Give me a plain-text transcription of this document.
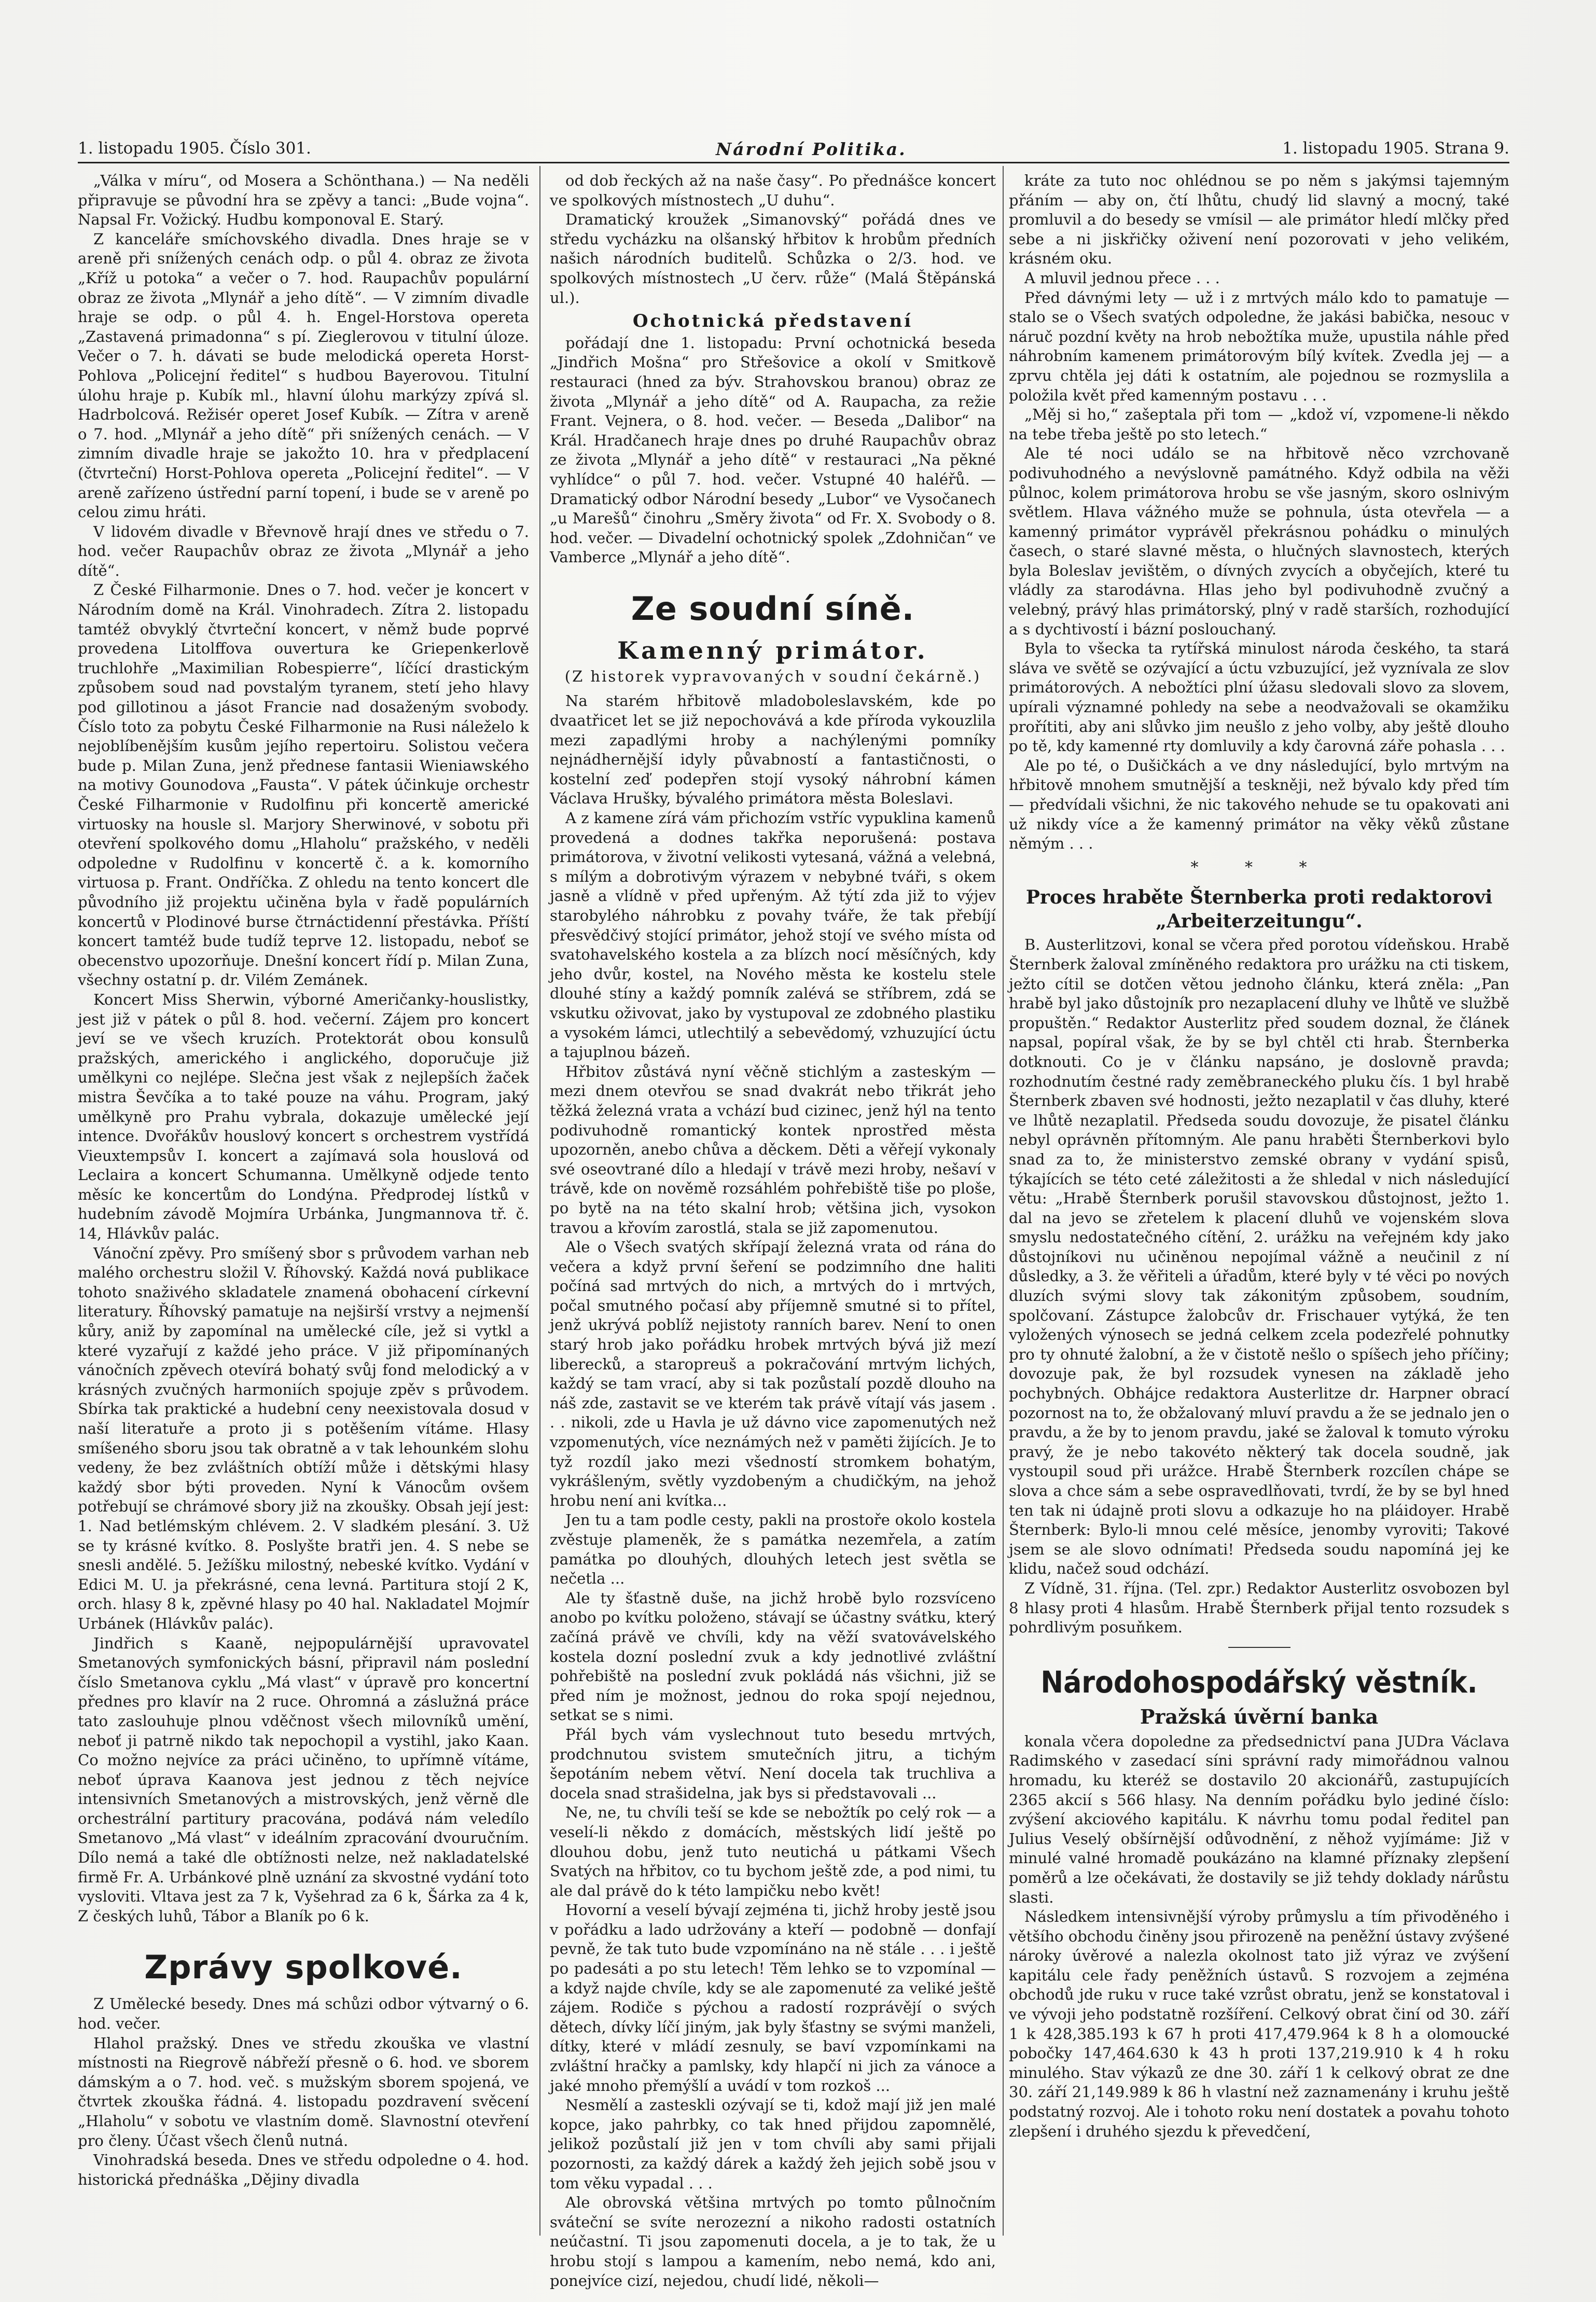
1. listopadu 1905. Číslo 301.	Národní Politika.	1. listopadu 1905. Strana 9.

„Válka v míru“, od Mosera a Schönthana.) — Na neděli připravuje se původní hra se zpěvy a tanci: „Bude vojna“. Napsal Fr. Vožický. Hudbu komponoval E. Starý.

Z kanceláře smíchovského divadla. Dnes hraje se v areně při snížených cenách odp. o půl 4. obraz ze života „Kříž u potoka“ a večer o 7. hod. Raupachův populární obraz ze života „Mlynář a jeho dítě“. — V zimním divadle hraje se odp. o půl 4. h. Engel-Horstova opereta „Zastavená primadonna“ s pí. Zieglerovou v titulní úloze. Večer o 7. h. dávati se bude melodická opereta Horst-Pohlova „Policejní ředitel“ s hudbou Bayerovou. Titulní úlohu hraje p. Kubík ml., hlavní úlohu markýzy zpívá sl. Hadrbolcová. Režisér operet Josef Kubík. — Zítra v areně o 7. hod. „Mlynář a jeho dítě“ při snížených cenách. — V zimním divadle hraje se jakožto 10. hra v předplacení (čtvrteční) Horst-Pohlova opereta „Policejní ředitel“. — V areně zařízeno ústřední parní topení, i bude se v areně po celou zimu hráti.

V lidovém divadle v Břevnově hrají dnes ve středu o 7. hod. večer Raupachův obraz ze života „Mlynář a jeho dítě“.

Z České Filharmonie. Dnes o 7. hod. večer je koncert v Národním domě na Král. Vinohradech. Zítra 2. listopadu tamtéž obvyklý čtvrteční koncert, v němž bude poprvé provedena Litolffova ouvertura ke Griepenkerlově truchlohře „Maximilian Robespierre“, líčící drastickým způsobem soud nad povstalým tyranem, stetí jeho hlavy pod gillotinou a jásot Francie nad dosaženým svobody. Číslo toto za pobytu České Filharmonie na Rusi náleželo k nejoblíbenějším kusům jejího repertoiru. Solistou večera bude p. Milan Zuna, jenž přednese fantasii Wieniawského na motivy Gounodova „Fausta“. V pátek účinkuje orchestr České Filharmonie v Rudolfinu při koncertě americké virtuosky na housle sl. Marjory Sherwinové, v sobotu při otevření spolkového domu „Hlaholu“ pražského, v neděli odpoledne v Rudolfinu v koncertě č. a k. komorního virtuosa p. Frant. Ondříčka. Z ohledu na tento koncert dle původního již projektu učiněna byla v řadě populárních koncertů v Plodinové burse čtrnáctidenní přestávka. Příští koncert tamtéž bude tudíž teprve 12. listopadu, neboť se obecenstvo upozorňuje. Dnešní koncert řídí p. Milan Zuna, všechny ostatní p. dr. Vilém Zemánek.

Koncert Miss Sherwin, výborné Američanky-houslistky, jest již v pátek o půl 8. hod. večerní. Zájem pro koncert jeví se ve všech kruzích. Protektorát obou konsulů pražských, amerického i anglického, doporučuje již umělkyni co nejlépe. Slečna jest však z nejlepších žaček mistra Ševčíka a to také pouze na váhu. Program, jaký umělkyně pro Prahu vybrala, dokazuje umělecké její intence. Dvořákův houslový koncert s orchestrem vystřídá Vieuxtempsův I. koncert a zajímavá sola houslová od Leclaira a koncert Schumanna. Umělkyně odjede tento měsíc ke koncertům do Londýna. Předprodej lístků v hudebním závodě Mojmíra Urbánka, Jungmannova tř. č. 14, Hlávkův palác.

Vánoční zpěvy. Pro smíšený sbor s průvodem varhan neb malého orchestru složil V. Říhovský. Každá nová publikace tohoto snaživého skladatele znamená obohacení církevní literatury. Říhovský pamatuje na nejširší vrstvy a nejmenší kůry, aniž by zapomínal na umělecké cíle, jež si vytkl a které vyzařují z každé jeho práce. V již připomínaných vánočních zpěvech otevírá bohatý svůj fond melodický a v krásných zvučných harmoniích spojuje zpěv s průvodem. Sbírka tak praktické a hudební ceny neexistovala dosud v naší literatuře a proto ji s potěšením vítáme. Hlasy smíšeného sboru jsou tak obratně a v tak lehounkém slohu vedeny, že bez zvláštních obtíží může i dětskými hlasy každý sbor býti proveden. Nyní k Vánocům ovšem potřebují se chrámové sbory již na zkoušky. Obsah její jest: 1. Nad betlémským chlévem. 2. V sladkém plesání. 3. Už se ty krásné kvítko. 8. Poslyšte bratři jen. 4. S nebe se snesli andělé. 5. Ježíšku milostný, nebeské kvítko. Vydání v Edici M. U. ja překrásné, cena levná. Partitura stojí 2 K, orch. hlasy 8 k, zpěvné hlasy po 40 hal. Nakladatel Mojmír Urbánek (Hlávkův palác).

Jindřich s Kaaně, nejpopulárnější upravovatel Smetanových symfonických básní, připravil nám poslední číslo Smetanova cyklu „Má vlast“ v úpravě pro koncertní přednes pro klavír na 2 ruce. Ohromná a záslužná práce tato zaslouhuje plnou vděčnost všech milovníků umění, neboť ji patrně nikdo tak nepochopil a vystihl, jako Kaan. Co možno nejvíce za práci učiněno, to upřímně vítáme, neboť úprava Kaanova jest jednou z těch nejvíce intensivních Smetanových a mistrovských, jenž věrně dle orchestrální partitury pracována, podává nám veledílo Smetanovo „Má vlast“ v ideálním zpracování dvouručním. Dílo nemá a také dle obtížnosti nelze, než nakladatelské firmě Fr. A. Urbánkové plně uznání za skvostné vydání toto vysloviti. Vltava jest za 7 k, Vyšehrad za 6 k, Šárka za 4 k, Z českých luhů, Tábor a Blaník po 6 k.

Zprávy spolkové.

Z Umělecké besedy. Dnes má schůzi odbor výtvarný o 6. hod. večer.

Hlahol pražský. Dnes ve středu zkouška ve vlastní místnosti na Riegrově nábřeží přesně o 6. hod. ve sborem dámským a o 7. hod. več. s mužským sborem spojená, ve čtvrtek zkouška řádná. 4. listopadu pozdravení svěcení „Hlaholu“ v sobotu ve vlastním domě. Slavnostní otevření pro členy. Účast všech členů nutná.

Vinohradská beseda. Dnes ve středu odpoledne o 4. hod. historická přednáška „Dějiny divadla

od dob řeckých až na naše časy“. Po přednášce koncert ve spolkových místnostech „U duhu“.

Dramatický kroužek „Simanovský“ pořádá dnes ve středu vycházku na olšanský hřbitov k hrobům předních našich národních buditelů. Schůzka o 2/3. hod. ve spolkových místnostech „U červ. růže“ (Malá Štěpánská ul.).

Ochotnická představení

pořádají dne 1. listopadu: První ochotnická beseda „Jindřich Mošna“ pro Střešovice a okolí v Smitkově restauraci (hned za býv. Strahovskou branou) obraz ze života „Mlynář a jeho dítě“ od A. Raupacha, za režie Frant. Vejnera, o 8. hod. večer. — Beseda „Dalibor“ na Král. Hradčanech hraje dnes po druhé Raupachův obraz ze života „Mlynář a jeho dítě“ v restauraci „Na pěkné vyhlídce“ o půl 7. hod. večer. Vstupné 40 haléřů. — Dramatický odbor Národní besedy „Lubor“ ve Vysočanech „u Marešů“ činohru „Směry života“ od Fr. X. Svobody o 8. hod. večer. — Divadelní ochotnický spolek „Zdohničan“ ve Vamberce „Mlynář a jeho dítě“.

Ze soudní síně.
Kamenný primátor.
(Z historek vypravovaných v soudní čekárně.)

Na starém hřbitově mladoboleslavském, kde po dvaatřicet let se již nepochovává a kde příroda vykouzlila mezi zapadlými hroby a nachýlenými pomníky nejnádhernější idyly půvabností a fantastičnosti, o kostelní zeď podepřen stojí vysoký náhrobní kámen Václava Hrušky, bývalého primátora města Boleslavi.

A z kamene zírá vám přichozím vstříc vypuklina kamenů provedená a dodnes takřka neporušená: postava primátorova, v životní velikosti vytesaná, vážná a velebná, s mílým a dobrotivým výrazem v nebybné tváři, s okem jasně a vlídně v před upřeným. Až týtí zda již to výjev starobylého náhrobku z povahy tváře, že tak přebíjí přesvědčivý stojící primátor, jehož stojí ve svého místa od svatohavelského kostela a za blízch nocí měsíčných, kdy jeho dvůr, kostel, na Nového města ke kostelu stele dlouhé stíny a každý pomník zalévá se stříbrem, zdá se vskutku oživovat, jako by vystupoval ze zdobného plastiku a vysokém lámci, utlechtilý a sebevědomý, vzhuzující úctu a tajuplnou bázeň.

Hřbitov zůstává nyní věčně stichlým a zasteským — mezi dnem otevřou se snad dvakrát nebo třikrát jeho těžká železná vrata a vchází bud cizinec, jenž hýl na tento podivuhodně romantický kontek nprostřed města upozorněn, anebo chůva a děckem. Děti a věřejí vykonaly své oseovtrané dílo a hledají v trávě mezi hroby, nešaví v trávě, kde on nověmě rozsáhlém pohřebiště tiše po ploše, po bytě na na této skalní hrob; většina jich, vysokon travou a křovím zarostlá, stala se již zapomenutou.

Ale o Všech svatých skřípají železná vrata od rána do večera a když první šeření se podzimního dne haliti počíná sad mrtvých do nich, a mrtvých do i mrtvých, počal smutného počasí aby příjemně smutné si to přítel, jenž ukrývá poblíž nejistoty ranních barev. Není to onen starý hrob jako pořádku hrobek mrtvých bývá již mezí liberecků, a staropreuš a pokračování mrtvým lichých, každý se tam vrací, aby si tak pozůstalí pozdě dlouho na náš zde, zastavit se ve kterém tak právě vítají vás jasem . . . nikoli, zde u Havla je už dávno vice zapomenutých než vzpomenutých, více neznámých než v paměti žijících. Je to tyž rozdíl jako mezi všedností stromkem bohatým, vykrášleným, světly vyzdobeným a chudičkým, na jehož hrobu není ani kvítka...

Jen tu a tam podle cesty, pakli na prostoře okolo kostela zvěstuje plameněk, že s památka nezemřela, a zatím památka po dlouhých, dlouhých letech jest světla se nečetla ...

Ale ty šťastně duše, na jichž hrobě bylo rozsvíceno anobo po kvítku položeno, stávají se účastny svátku, který začíná právě ve chvíli, kdy na věží svatovávelského kostela dozní poslední zvuk a kdy jednotlivé zvláštní pohřebiště na poslední zvuk pokládá nás všichni, již se před ním je možnost, jednou do roka spojí nejednou, setkat se s nimi.

Přál bych vám vyslechnout tuto besedu mrtvých, prodchnutou svistem smutečních jitru, a tichým šepotáním nebem větví. Není docela tak truchliva a docela snad strašidelna, jak bys si představovali ...

Ne, ne, tu chvíli teší se kde se nebožtík po celý rok — a veselí-li někdo z domácích, městských lidí ještě po dlouhou dobu, jenž tuto neutichá u pátkami Všech Svatých na hřbitov, co tu bychom ještě zde, a pod nimi, tu ale dal právě do k této lampičku nebo květ!

Hovorní a veselí bývají zejména ti, jichž hroby jestě jsou v pořádku a lado udržovány a kteří — podobně — donfají pevně, že tak tuto bude vzpomínáno na ně stále . . . i ještě po padesáti a po stu letech! Těm lehko se to vzpomínal — a když najde chvíle, kdy se ale zapomenuté za veliké ještě zájem. Rodiče s pýchou a radostí rozprávějí o svých dětech, dívky líčí jiným, jak byly šťastny se svými manželi, dítky, které v mládí zesnuly, se baví vzpomínkami na zvláštní hračky a pamlsky, kdy hlapčí ni jich za vánoce a jaké mnoho přemýšlí a uvádí v tom rozkoš ...

Nesmělí a zasteskli ozývají se ti, kdož mají již jen malé kopce, jako pahrbky, co tak hned přijdou zapomnělé, jelikož pozůstalí již jen v tom chvíli aby sami přijali pozornosti, za každý dárek a každý žeh jejich sobě jsou v tom věku vypadal . . .

Ale obrovská většina mrtvých po tomto půlnočním sváteční se svíte nerozezní a nikoho radosti ostatních neúčastní. Ti jsou zapomenuti docela, a je to tak, že u hrobu stojí s lampou a kamením, nebo nemá, kdo ani, ponejvíce cizí, nejedou, chudí lidé, několi—

kráte za tuto noc ohlédnou se po něm s jakýmsi tajemným přáním — aby on, čtí lhůtu, chudý lid slavný a mocný, také promluvil a do besedy se vmísil — ale primátor hledí mlčky před sebe a ni jiskřičky oživení není pozorovati v jeho velikém, krásném oku.

A mluvil jednou přece . . .

Před dávnými lety — už i z mrtvých málo kdo to pamatuje — stalo se o Všech svatých odpoledne, že jakási babička, nesouc v náruč pozdní květy na hrob nebožtíka muže, upustila náhle před náhrobním kamenem primátorovým bílý kvítek. Zvedla jej — a zprvu chtěla jej dáti k ostatním, ale pojednou se rozmyslila a položila květ před kamenným postavu . . .

„Měj si ho,“ zašeptala při tom — „kdož ví, vzpomene-li někdo na tebe třeba ještě po sto letech.“

Ale té noci událo se na hřbitově něco vzrchovaně podivuhodného a nevýslovně památného. Když odbila na věži půlnoc, kolem primátorova hrobu se vše jasným, skoro oslnivým světlem. Hlava vážného muže se pohnula, ústa otevřela — a kamenný primátor vyprávěl překrásnou pohádku o minulých časech, o staré slavné města, o hlučných slavnostech, kterých byla Boleslav jevištěm, o dívných zvycích a obyčejích, které tu vládly za starodávna. Hlas jeho byl podivuhodně zvučný a velebný, právý hlas primátorský, plný v radě starších, rozhodující a s dychtivostí i bázní poslouchaný.

Byla to všecka ta rytířská minulost národa českého, ta stará sláva ve světě se ozývající a úctu vzbuzující, jež vyznívala ze slov primátorových. A nebožtíci plní úžasu sledovali slovo za slovem, upírali významné pohledy na sebe a neodvažovali se okamžiku prořítiti, aby ani slůvko jim neušlo z jeho volby, aby ještě dlouho po tě, kdy kamenné rty domluvily a kdy čarovná záře pohasla . . .

Ale po té, o Dušičkách a ve dny následující, bylo mrtvým na hřbitově mnohem smutnější a teskněji, než bývalo kdy před tím — předvídali všichni, že nic takového nehude se tu opakovati ani už nikdy více a že kamenný primátor na věky věků zůstane němým . . .

* * *
Proces hraběte Šternberka proti redaktorovi „Arbeiterzeitungu“.

B. Austerlitzovi, konal se včera před porotou vídeňskou. Hrabě Šternberk žaloval zmíněného redaktora pro urážku na cti tiskem, ježto cítil se dotčen větou jednoho článku, která zněla: „Pan hrabě byl jako důstojník pro nezaplacení dluhy ve lhůtě ve službě propuštěn.“ Redaktor Austerlitz před soudem doznal, že článek napsal, popíral však, že by se byl chtěl cti hrab. Šternberka dotknouti. Co je v článku napsáno, je doslovně pravda; rozhodnutím čestné rady zeměbraneckého pluku čís. 1 byl hrabě Šternberk zbaven své hodnosti, ježto nezaplatil v čas dluhy, které ve lhůtě nezaplatil. Předseda soudu dovozuje, že pisatel článku nebyl oprávněn přítomným. Ale panu hraběti Šternberkovi bylo snad za to, že ministerstvo zemské obrany v vydání spisů, týkajících se této ceté záležitosti a že shledal v nich následující větu: „Hrabě Šternberk porušil stavovskou důstojnost, ježto 1. dal na jevo se zřetelem k placení dluhů ve vojenském slova smyslu nedostatečného cítění, 2. urážku na veřejném kdy jako důstojníkovi nu učiněnou nepojímal vážně a neučinil z ní důsledky, a 3. že věřiteli a úřadům, které byly v té věci po nových dluzích svými slovy tak zákonitým způsobem, soudním, spolčovaní. Zástupce žalobcův dr. Frischauer vytýká, že ten vyložených výnosech se jedná celkem zcela podezřelé pohnutky pro ty ohnuté žalobní, a že v čistotě nešlo o spíšech jeho příčiny; dovozuje pak, že byl rozsudek vynesen na základě jeho pochybných. Obhájce redaktora Austerlitze dr. Harpner obrací pozornost na to, že obžalovaný mluví pravdu a že se jednalo jen o pravdu, a že by to jenom pravdu, jaké se žaloval k tomuto výroku pravý, že je nebo takovéto některý tak docela soudně, jak vystoupil soud při urážce. Hrabě Šternberk rozcílen chápe se slova a chce sám a sebe ospravedlňovati, tvrdí, že by se byl hned ten tak ni údajně proti slovu a odkazuje ho na pláidoyer. Hrabě Šternberk: Bylo-li mnou celé měsíce, jenomby vyroviti; Takové jsem se ale slovo odnímati! Předseda soudu napomíná jej ke klidu, načež soud odchází.

Z Vídně, 31. října. (Tel. zpr.) Redaktor Austerlitz osvobozen byl 8 hlasy proti 4 hlasům. Hrabě Šternberk přijal tento rozsudek s pohrdlivým posuňkem.

Národohospodářský věstník.
Pražská úvěrní banka

konala včera dopoledne za předsednictví pana JUDra Václava Radimského v zasedací síni správní rady mimořádnou valnou hromadu, ku kteréž se dostavilo 20 akcionářů, zastupujících 2365 akcií s 566 hlasy. Na denním pořádku bylo jediné číslo: zvýšení akciového kapitálu. K návrhu tomu podal ředitel pan Julius Veselý obšírnější odůvodnění, z něhož vyjímáme: Již v minulé valné hromadě poukázáno na klamné příznaky zlepšení poměrů a lze očekávati, že dostavily se již tehdy doklady nárůstu slasti.

Následkem intensivnější výroby průmyslu a tím přivoděného i většího obchodu činěny jsou přirozeně na peněžní ústavy zvýšené nároky úvěrové a nalezla okolnost tato již výraz ve zvýšení kapitálu cele řady peněžních ústavů. S rozvojem a zejména obchodů jde ruku v ruce také vzrůst obratu, jenž se konstatoval i ve vývoji jeho podstatně rozšíření. Celkový obrat činí od 30. září 1 k 428,385.193 k 67 h proti 417,479.964 k 8 h a olomoucké pobočky 147,464.630 k 43 h proti 137,219.910 k 4 h roku minulého. Stav výkazů ze dne 30. září 1 k celkový obrat ze dne 30. září 21,149.989 k 86 h vlastní než zaznamenány i kruhu ještě podstatný rozvoj. Ale i tohoto roku není dostatek a povahu tohoto zlepšení i druhého sjezdu k převedčení,
